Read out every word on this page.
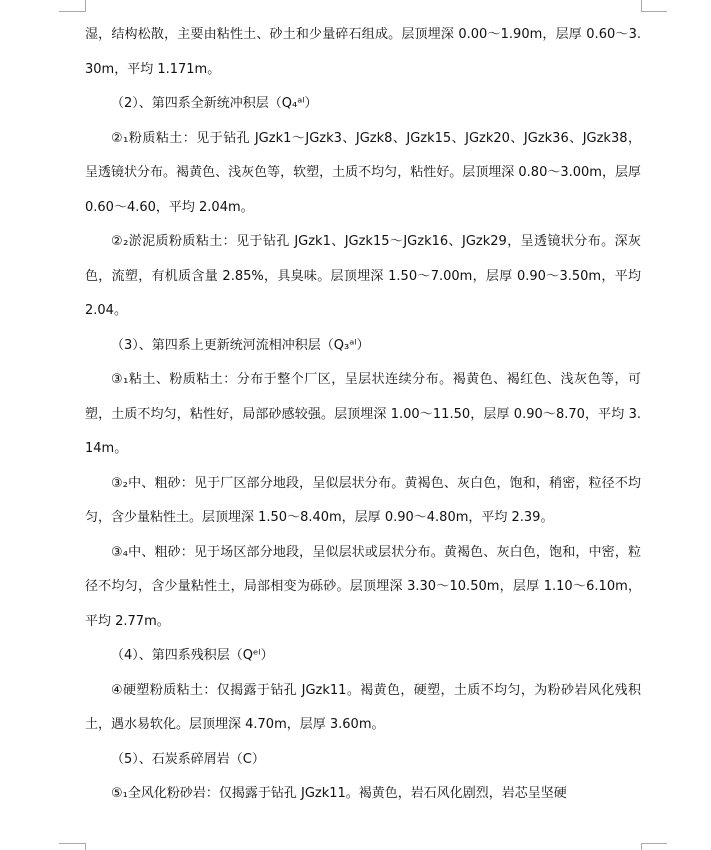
湿，结构松散，主要由粘性土、砂土和少量碎石组成。层顶埋深 0.00～1.90m，层厚 0.60～3.30m，平均 1.171m。

（2）、第四系全新统冲积层（Q₄ᵃˡ）

②₁粉质粘土：见于钻孔 JGzk1～JGzk3、JGzk8、JGzk15、JGzk20、JGzk36、JGzk38，呈透镜状分布。褐黄色、浅灰色等，软塑，土质不均匀，粘性好。层顶埋深 0.80～3.00m，层厚 0.60～4.60，平均 2.04m。

②₂淤泥质粉质粘土：见于钻孔 JGzk1、JGzk15～JGzk16、JGzk29，呈透镜状分布。深灰色，流塑，有机质含量 2.85%，具臭味。层顶埋深 1.50～7.00m，层厚 0.90～3.50m，平均 2.04。

（3）、第四系上更新统河流相冲积层（Q₃ᵃˡ）

③₁粘土、粉质粘土：分布于整个厂区，呈层状连续分布。褐黄色、褐红色、浅灰色等，可塑，土质不均匀，粘性好，局部砂感较强。层顶埋深 1.00～11.50，层厚 0.90～8.70，平均 3.14m。

③₂中、粗砂：见于厂区部分地段，呈似层状分布。黄褐色、灰白色，饱和，稍密，粒径不均匀，含少量粘性土。层顶埋深 1.50～8.40m，层厚 0.90～4.80m，平均 2.39。

③₄中、粗砂：见于场区部分地段，呈似层状或层状分布。黄褐色、灰白色，饱和，中密，粒径不均匀，含少量粘性土，局部相变为砾砂。层顶埋深 3.30～10.50m，层厚 1.10～6.10m，平均 2.77m。

（4）、第四系残积层（Qᵉˡ）

④硬塑粉质粘土：仅揭露于钻孔 JGzk11。褐黄色，硬塑，土质不均匀，为粉砂岩风化残积土，遇水易软化。层顶埋深 4.70m，层厚 3.60m。

（5）、石炭系碎屑岩（C）

⑤₁全风化粉砂岩：仅揭露于钻孔 JGzk11。褐黄色，岩石风化剧烈，岩芯呈坚硬
